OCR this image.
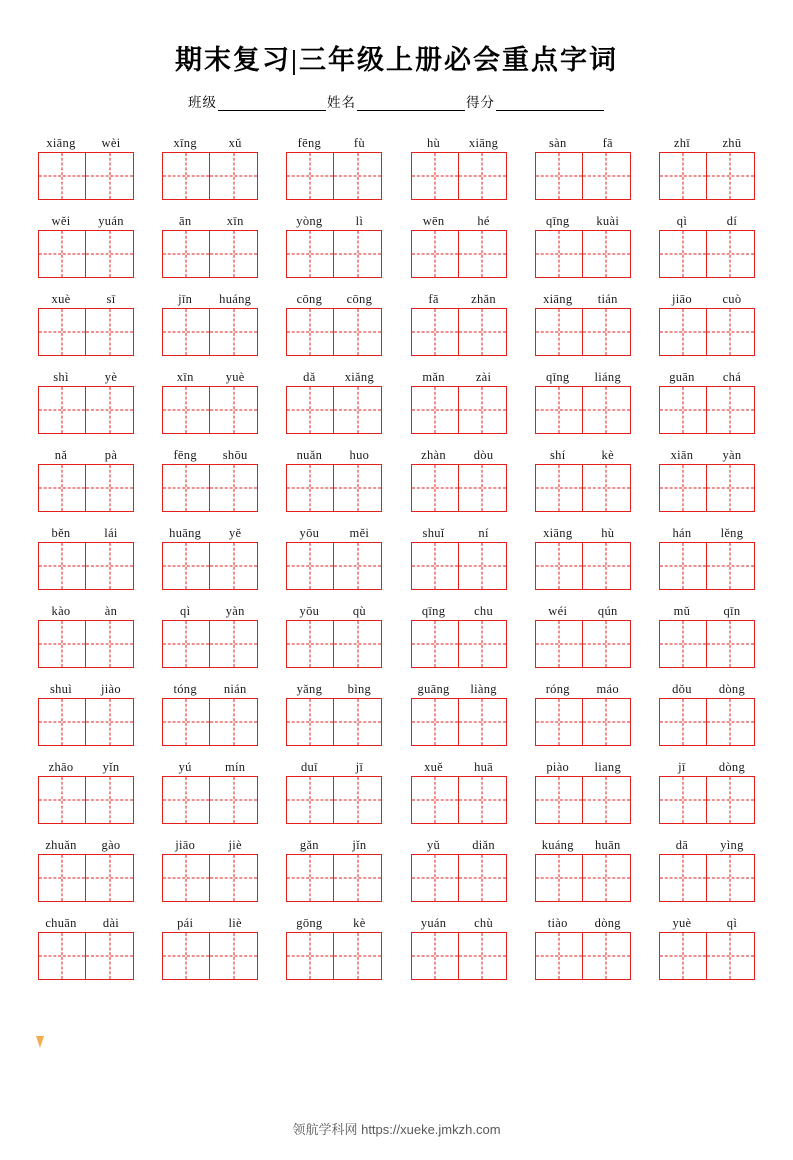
期末复习|三年级上册必会重点字词
班级	姓名	得分
xiāng	wèi	xīng	xǔ	fēng	fù	hù	xiāng	sàn	fā	zhī	zhū
wěi	yuán	ān	xīn	yòng	lì	wēn	hé	qīng	kuài	qì	dí
xuè	sī	jīn	huáng	cōng	cōng	fā	zhǎn	xiāng	tián	jiāo	cuò
shì	yè	xīn	yuè	dǎ	xiǎng	mǎn	zài	qīng	liáng	guān	chá
nǎ	pà	fēng	shōu	nuǎn	huo	zhàn	dòu	shí	kè	xiān	yàn
běn	lái	huāng	yě	yōu	měi	shuǐ	ní	xiāng	hù	hán	lěng
kào	àn	qì	yàn	yōu	qù	qīng	chu	wéi	qún	mǔ	qīn
shuì	jiào	tóng	nián	yǎng	bìng	guāng	liàng	róng	máo	dǒu	dòng
zhāo	yǐn	yú	mín	duī	jī	xuě	huā	piào	liang	jī	dòng
zhuǎn	gào	jiāo	jiè	gǎn	jǐn	yǔ	diǎn	kuáng	huān	dā	yìng
chuān	dài	pái	liè	gōng	kè	yuán	chù	tiào	dòng	yuè	qì
领航学科网 https://xueke.jmkzh.com
